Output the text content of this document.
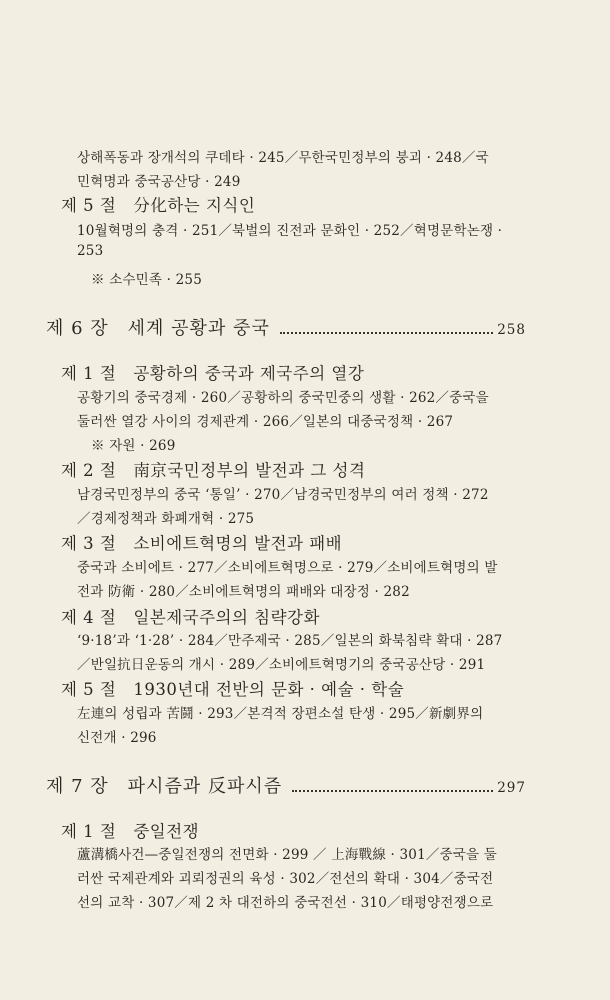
상해폭동과 장개석의 쿠데타 · 245／무한국민정부의 붕괴 · 248／국
민혁명과 중국공산당 · 249
제 5 절　分化하는 지식인
10월혁명의 충격 · 251／북벌의 진전과 문화인 · 252／혁명문학논쟁 ·
253
※ 소수민족 · 255
제 6 장　세계 공황과 중국	258
제 1 절　공황하의 중국과 제국주의 열강
공황기의 중국경제 · 260／공황하의 중국민중의 생활 · 262／중국을
둘러싼 열강 사이의 경제관계 · 266／일본의 대중국정책 · 267
※ 자원 · 269
제 2 절　南京국민정부의 발전과 그 성격
남경국민정부의 중국 ‘통일’ · 270／남경국민정부의 여러 정책 · 272
／경제정책과 화폐개혁 · 275
제 3 절　소비에트혁명의 발전과 패배
중국과 소비에트 · 277／소비에트혁명으로 · 279／소비에트혁명의 발
전과 防衛 · 280／소비에트혁명의 패배와 대장정 · 282
제 4 절　일본제국주의의 침략강화
‘9·18’과 ‘1·28’ · 284／만주제국 · 285／일본의 화북침략 확대 · 287
／반일抗日운동의 개시 · 289／소비에트혁명기의 중국공산당 · 291
제 5 절　1930년대 전반의 문화 · 예술 · 학술
左連의 성립과 苦鬪 · 293／본격적 장편소설 탄생 · 295／新劇界의
신전개 · 296
제 7 장　파시즘과 反파시즘	297
제 1 절　중일전쟁
蘆溝橋사건—중일전쟁의 전면화 · 299 ／ 上海戰線 · 301／중국을 둘
러싼 국제관계와 괴뢰정권의 육성 · 302／전선의 확대 · 304／중국전
선의 교착 · 307／제 2 차 대전하의 중국전선 · 310／태평양전쟁으로
